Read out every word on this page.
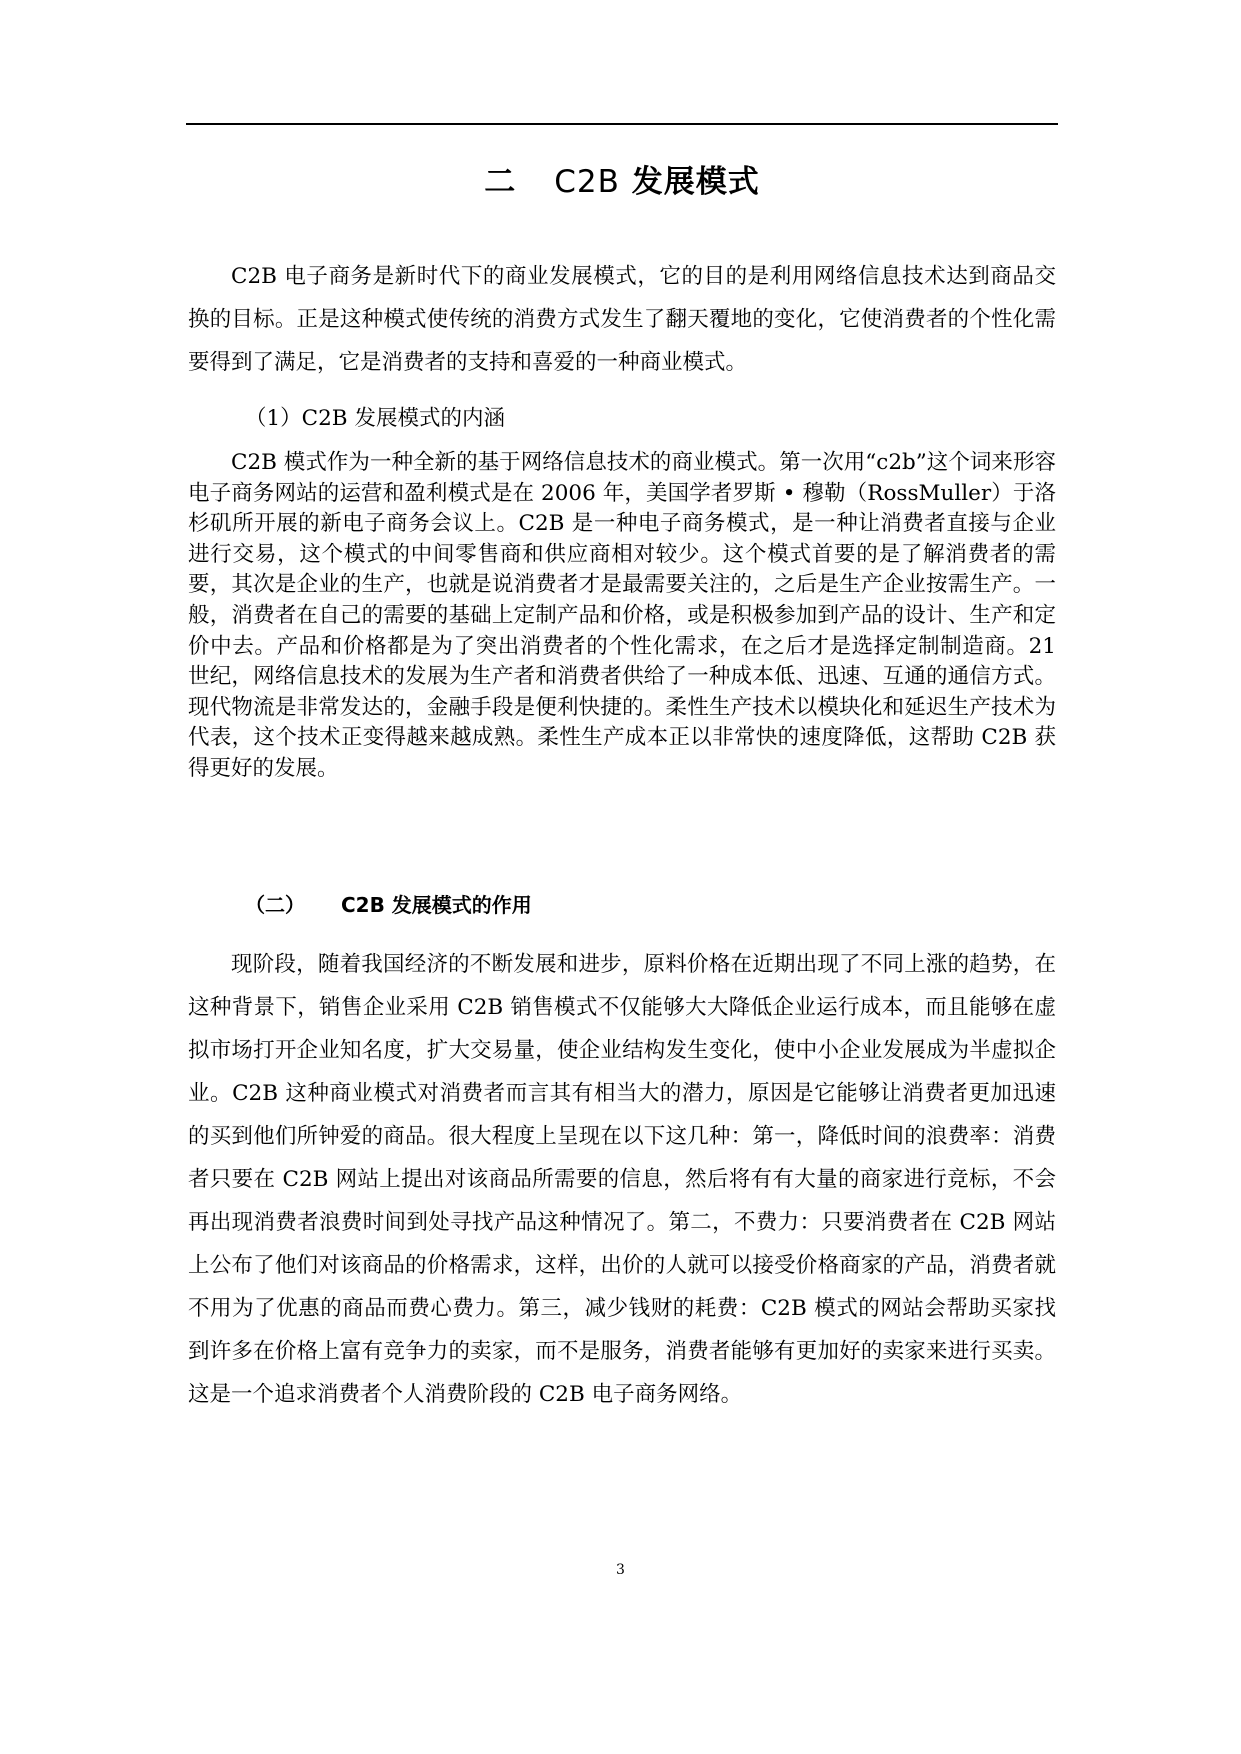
二 C2B 发展模式

C2B 电子商务是新时代下的商业发展模式，它的目的是利用网络信息技术达到商品交换的目标。正是这种模式使传统的消费方式发生了翻天覆地的变化，它使消费者的个性化需要得到了满足，它是消费者的支持和喜爱的一种商业模式。

（1）C2B 发展模式的内涵

C2B 模式作为一种全新的基于网络信息技术的商业模式。第一次用“c2b”这个词来形容电子商务网站的运营和盈利模式是在 2006 年，美国学者罗斯 • 穆勒（RossMuller）于洛杉矶所开展的新电子商务会议上。C2B 是一种电子商务模式，是一种让消费者直接与企业进行交易，这个模式的中间零售商和供应商相对较少。这个模式首要的是了解消费者的需要，其次是企业的生产，也就是说消费者才是最需要关注的，之后是生产企业按需生产。一般，消费者在自己的需要的基础上定制产品和价格，或是积极参加到产品的设计、生产和定价中去。产品和价格都是为了突出消费者的个性化需求，在之后才是选择定制制造商。21 世纪，网络信息技术的发展为生产者和消费者供给了一种成本低、迅速、互通的通信方式。现代物流是非常发达的，金融手段是便利快捷的。柔性生产技术以模块化和延迟生产技术为代表，这个技术正变得越来越成熟。柔性生产成本正以非常快的速度降低，这帮助 C2B 获得更好的发展。

（二） C2B 发展模式的作用

现阶段，随着我国经济的不断发展和进步，原料价格在近期出现了不同上涨的趋势，在这种背景下，销售企业采用 C2B 销售模式不仅能够大大降低企业运行成本，而且能够在虚拟市场打开企业知名度，扩大交易量，使企业结构发生变化，使中小企业发展成为半虚拟企业。C2B 这种商业模式对消费者而言其有相当大的潜力，原因是它能够让消费者更加迅速的买到他们所钟爱的商品。很大程度上呈现在以下这几种：第一，降低时间的浪费率：消费者只要在 C2B 网站上提出对该商品所需要的信息，然后将有有大量的商家进行竞标，不会再出现消费者浪费时间到处寻找产品这种情况了。第二，不费力：只要消费者在 C2B 网站上公布了他们对该商品的价格需求，这样，出价的人就可以接受价格商家的产品，消费者就不用为了优惠的商品而费心费力。第三，减少钱财的耗费：C2B 模式的网站会帮助买家找到许多在价格上富有竞争力的卖家，而不是服务，消费者能够有更加好的卖家来进行买卖。这是一个追求消费者个人消费阶段的 C2B 电子商务网络。

3
